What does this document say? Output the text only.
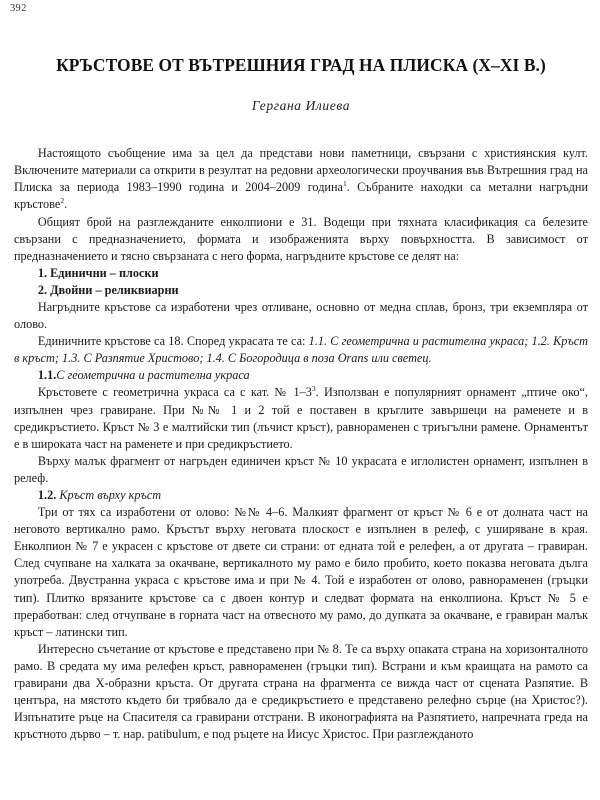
392
КРЪСТОВЕ ОТ ВЪТРЕШНИЯ ГРАД НА ПЛИСКА (X–XI В.)
Гергана Илиева

Настоящото съобщение има за цел да представи нови паметници, свързани с християнския култ. Включените материали са открити в резултат на редовни археологически проучвания във Вътрешния град на Плиска за периода 1983–1990 година и 2004–2009 година$^1$. Събраните находки са метални нагръдни кръстове$^2$.

Общият брой на разглежданите енколпиони е 31. Водещи при тяхната класификация са белезите свързани с предназначението, формата и изображенията върху повърхността. В зависимост от предназначението и тясно свързаната с него форма, нагръдните кръстове се делят на:

1. Единични – плоски

2. Двойни – реликвиарни

Нагръдните кръстове са изработени чрез отливане, основно от медна сплав, бронз, три екземпляра от олово.

Единичните кръстове са 18. Според украсата те са: 1.1. С геометрична и растителна украса; 1.2. Кръст в кръст; 1.3. С Разпятие Христово; 1.4. С Богородица в поза Orans или светец.

1.1.С геометрична и растителна украса

Кръстовете с геометрична украса са с кат. № $1-3^3$. Използван е популярният орнамент „птиче око“, изпълнен чрез гравиране. При №№ 1 и 2 той е поставен в кръглите завършеци на раменете и в средикръстието. Кръст № 3 е малтийски тип (лъчист кръст), равнораменен с триъгълни рамене. Орнаментът е в широката част на раменете и при средикръстието.

Върху малък фрагмент от нагръден единичен кръст № 10 украсата е иглолистен орнамент, изпълнен в релеф.

1.2. Кръст върху кръст

Три от тях са изработени от олово: №№ 4–6. Малкият фрагмент от кръст № 6 е от долната част на неговото вертикално рамо. Кръстът върху неговата плоскост е изпълнен в релеф, с уширяване в края. Енколпион № 7 е украсен с кръстове от двете си страни: от едната той е релефен, а от другата – гравиран. След счупване на халката за окачване, вертикалното му рамо е било пробито, което показва неговата дълга употреба. Двустранна украса с кръстове има и при № 4. Той е изработен от олово, равнораменен (гръцки тип). Плитко врязаните кръстове са с двоен контур и следват формата на енколпиона. Кръст № 5 е преработван: след отчупване в горната част на отвесното му рамо, до дупката за окачване, е гравиран малък кръст – латински тип.

Интересно съчетание от кръстове е представено при № 8. Те са върху опаката страна на хоризонталното рамо. В средата му има релефен кръст, равнораменен (гръцки тип). Встрани и към краищата на рамото са гравирани два Х-образни кръста. От другата страна на фрагмента се вижда част от сцената Разпятие. В центъра, на мястото където би трябвало да е средикръстието е представено релефно сърце (на Христос?). Изпънатите ръце на Спасителя са гравирани отстрани. В иконографията на Разпятието, напречната греда на кръстното дърво – т. нар. patibulum, е под ръцете на Иисус Христос. При разглежданото
